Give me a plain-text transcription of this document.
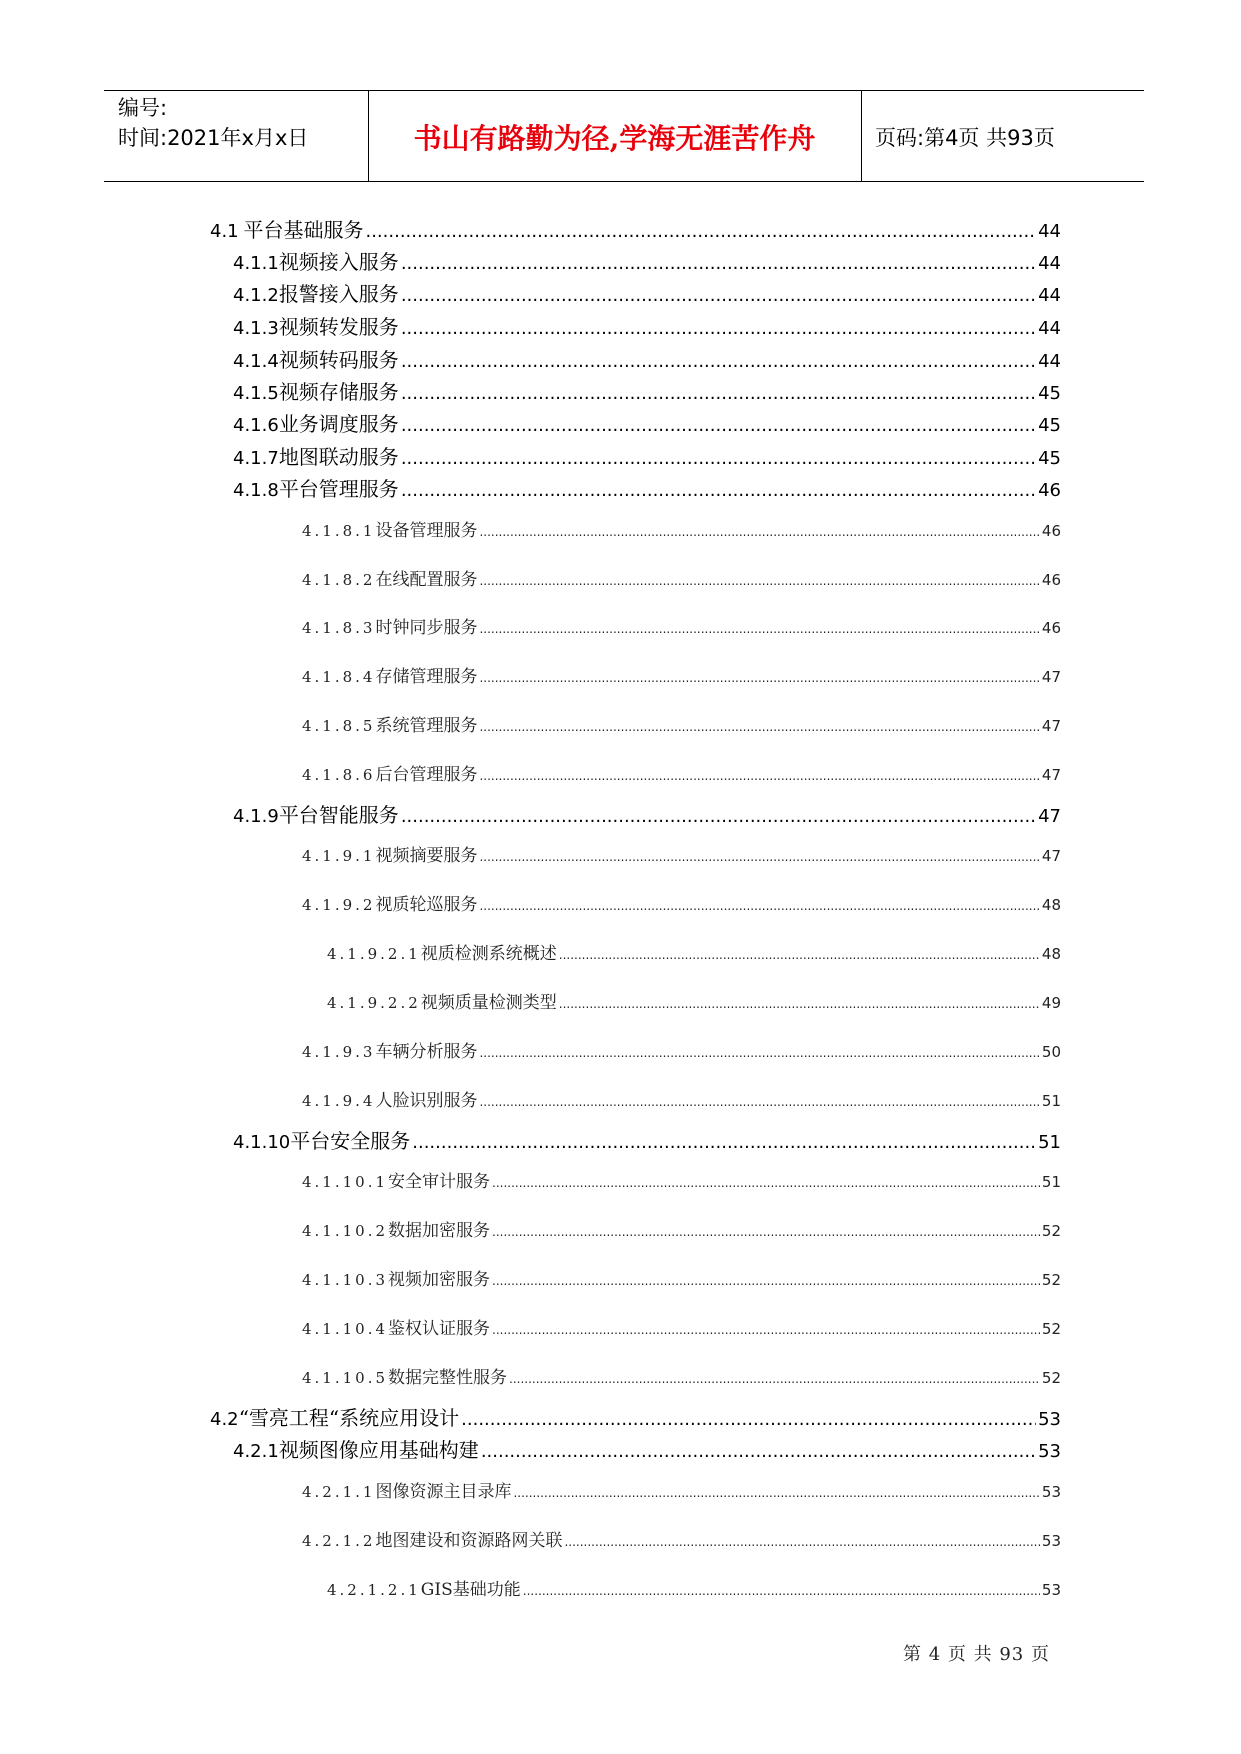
编号:
时间:2021年x月x日	书山有路勤为径,学海无涯苦作舟	页码:第4页 共93页
4.1 平台基础服务 .....	44
4.1.1 视频接入服务 .....	44
4.1.2 报警接入服务 .....	44
4.1.3 视频转发服务 .....	44
4.1.4 视频转码服务 .....	44
4.1.5 视频存储服务 .....	45
4.1.6 业务调度服务 .....	45
4.1.7 地图联动服务 .....	45
4.1.8 平台管理服务 .....	46
4.1.8.1 设备管理服务 .....	46
4.1.8.2 在线配置服务 .....	46
4.1.8.3 时钟同步服务 .....	46
4.1.8.4 存储管理服务 .....	47
4.1.8.5 系统管理服务 .....	47
4.1.8.6 后台管理服务 .....	47
4.1.9 平台智能服务 .....	47
4.1.9.1 视频摘要服务 .....	47
4.1.9.2 视质轮巡服务 .....	48
4.1.9.2.1 视质检测系统概述 .....	48
4.1.9.2.2 视频质量检测类型 .....	49
4.1.9.3 车辆分析服务 .....	50
4.1.9.4 人脸识别服务 .....	51
4.1.10 平台安全服务 .....	51
4.1.10.1 安全审计服务 .....	51
4.1.10.2 数据加密服务 .....	52
4.1.10.3 视频加密服务 .....	52
4.1.10.4 鉴权认证服务 .....	52
4.1.10.5 数据完整性服务 .....	52
4.2 “雪亮工程“系统应用设计 .....	53
4.2.1 视频图像应用基础构建 .....	53
4.2.1.1 图像资源主目录库 .....	53
4.2.1.2 地图建设和资源路网关联 .....	53
4.2.1.2.1 GIS基础功能 .....	53
第 4 页 共 93 页
